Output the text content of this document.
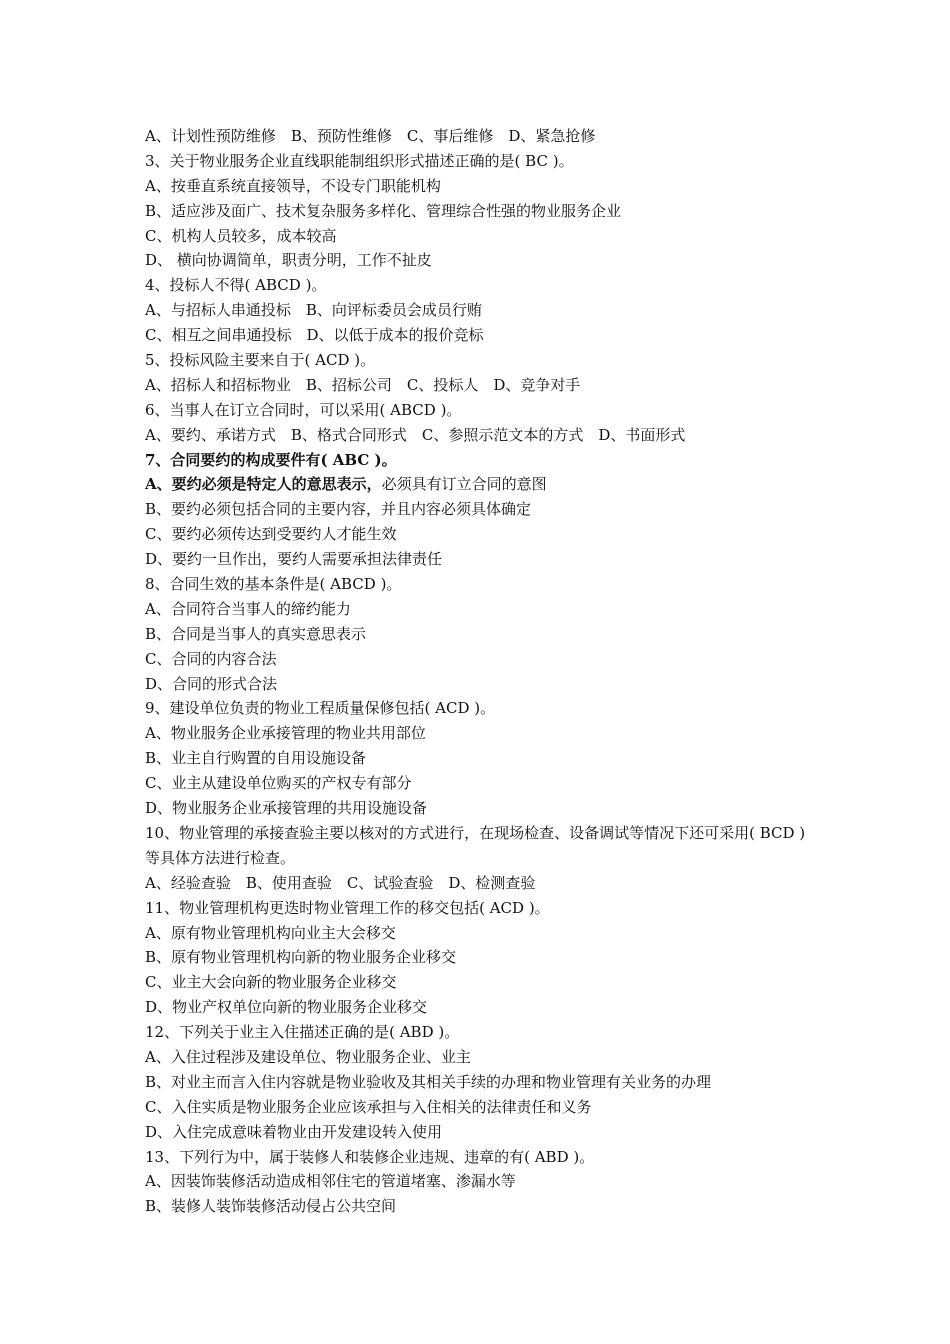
A、计划性预防维修　B、预防性维修　C、事后维修　D、紧急抢修
3、关于物业服务企业直线职能制组织形式描述正确的是( BC )。
A、按垂直系统直接领导，不设专门职能机构
B、适应涉及面广、技术复杂服务多样化、管理综合性强的物业服务企业
C、机构人员较多，成本较高
D、 横向协调简单，职责分明，工作不扯皮
4、投标人不得( ABCD )。
A、与招标人串通投标　B、向评标委员会成员行贿
C、相互之间串通投标　D、以低于成本的报价竞标
5、投标风险主要来自于( ACD )。
A、招标人和招标物业　B、招标公司　C、投标人　D、竞争对手
6、当事人在订立合同时，可以采用( ABCD )。
A、要约、承诺方式　B、格式合同形式　C、参照示范文本的方式　D、书面形式
7、合同要约的构成要件有( ABC )。
A、要约必须是特定人的意思表示，必须具有订立合同的意图
B、要约必须包括合同的主要内容，并且内容必须具体确定
C、要约必须传达到受要约人才能生效
D、要约一旦作出，要约人需要承担法律责任
8、合同生效的基本条件是( ABCD )。
A、合同符合当事人的缔约能力
B、合同是当事人的真实意思表示
C、合同的内容合法
D、合同的形式合法
9、建设单位负责的物业工程质量保修包括( ACD )。
A、物业服务企业承接管理的物业共用部位
B、业主自行购置的自用设施设备
C、业主从建设单位购买的产权专有部分
D、物业服务企业承接管理的共用设施设备
10、物业管理的承接查验主要以核对的方式进行，在现场检查、设备调试等情况下还可采用( BCD )
等具体方法进行检查。
A、经验查验　B、使用查验　C、试验查验　D、检测查验
11、物业管理机构更迭时物业管理工作的移交包括( ACD )。
A、原有物业管理机构向业主大会移交
B、原有物业管理机构向新的物业服务企业移交
C、业主大会向新的物业服务企业移交
D、物业产权单位向新的物业服务企业移交
12、下列关于业主入住描述正确的是( ABD )。
A、入住过程涉及建设单位、物业服务企业、业主
B、对业主而言入住内容就是物业验收及其相关手续的办理和物业管理有关业务的办理
C、入住实质是物业服务企业应该承担与入住相关的法律责任和义务
D、入住完成意味着物业由开发建设转入使用
13、下列行为中，属于装修人和装修企业违规、违章的有( ABD )。
A、因装饰装修活动造成相邻住宅的管道堵塞、渗漏水等
B、装修人装饰装修活动侵占公共空间
